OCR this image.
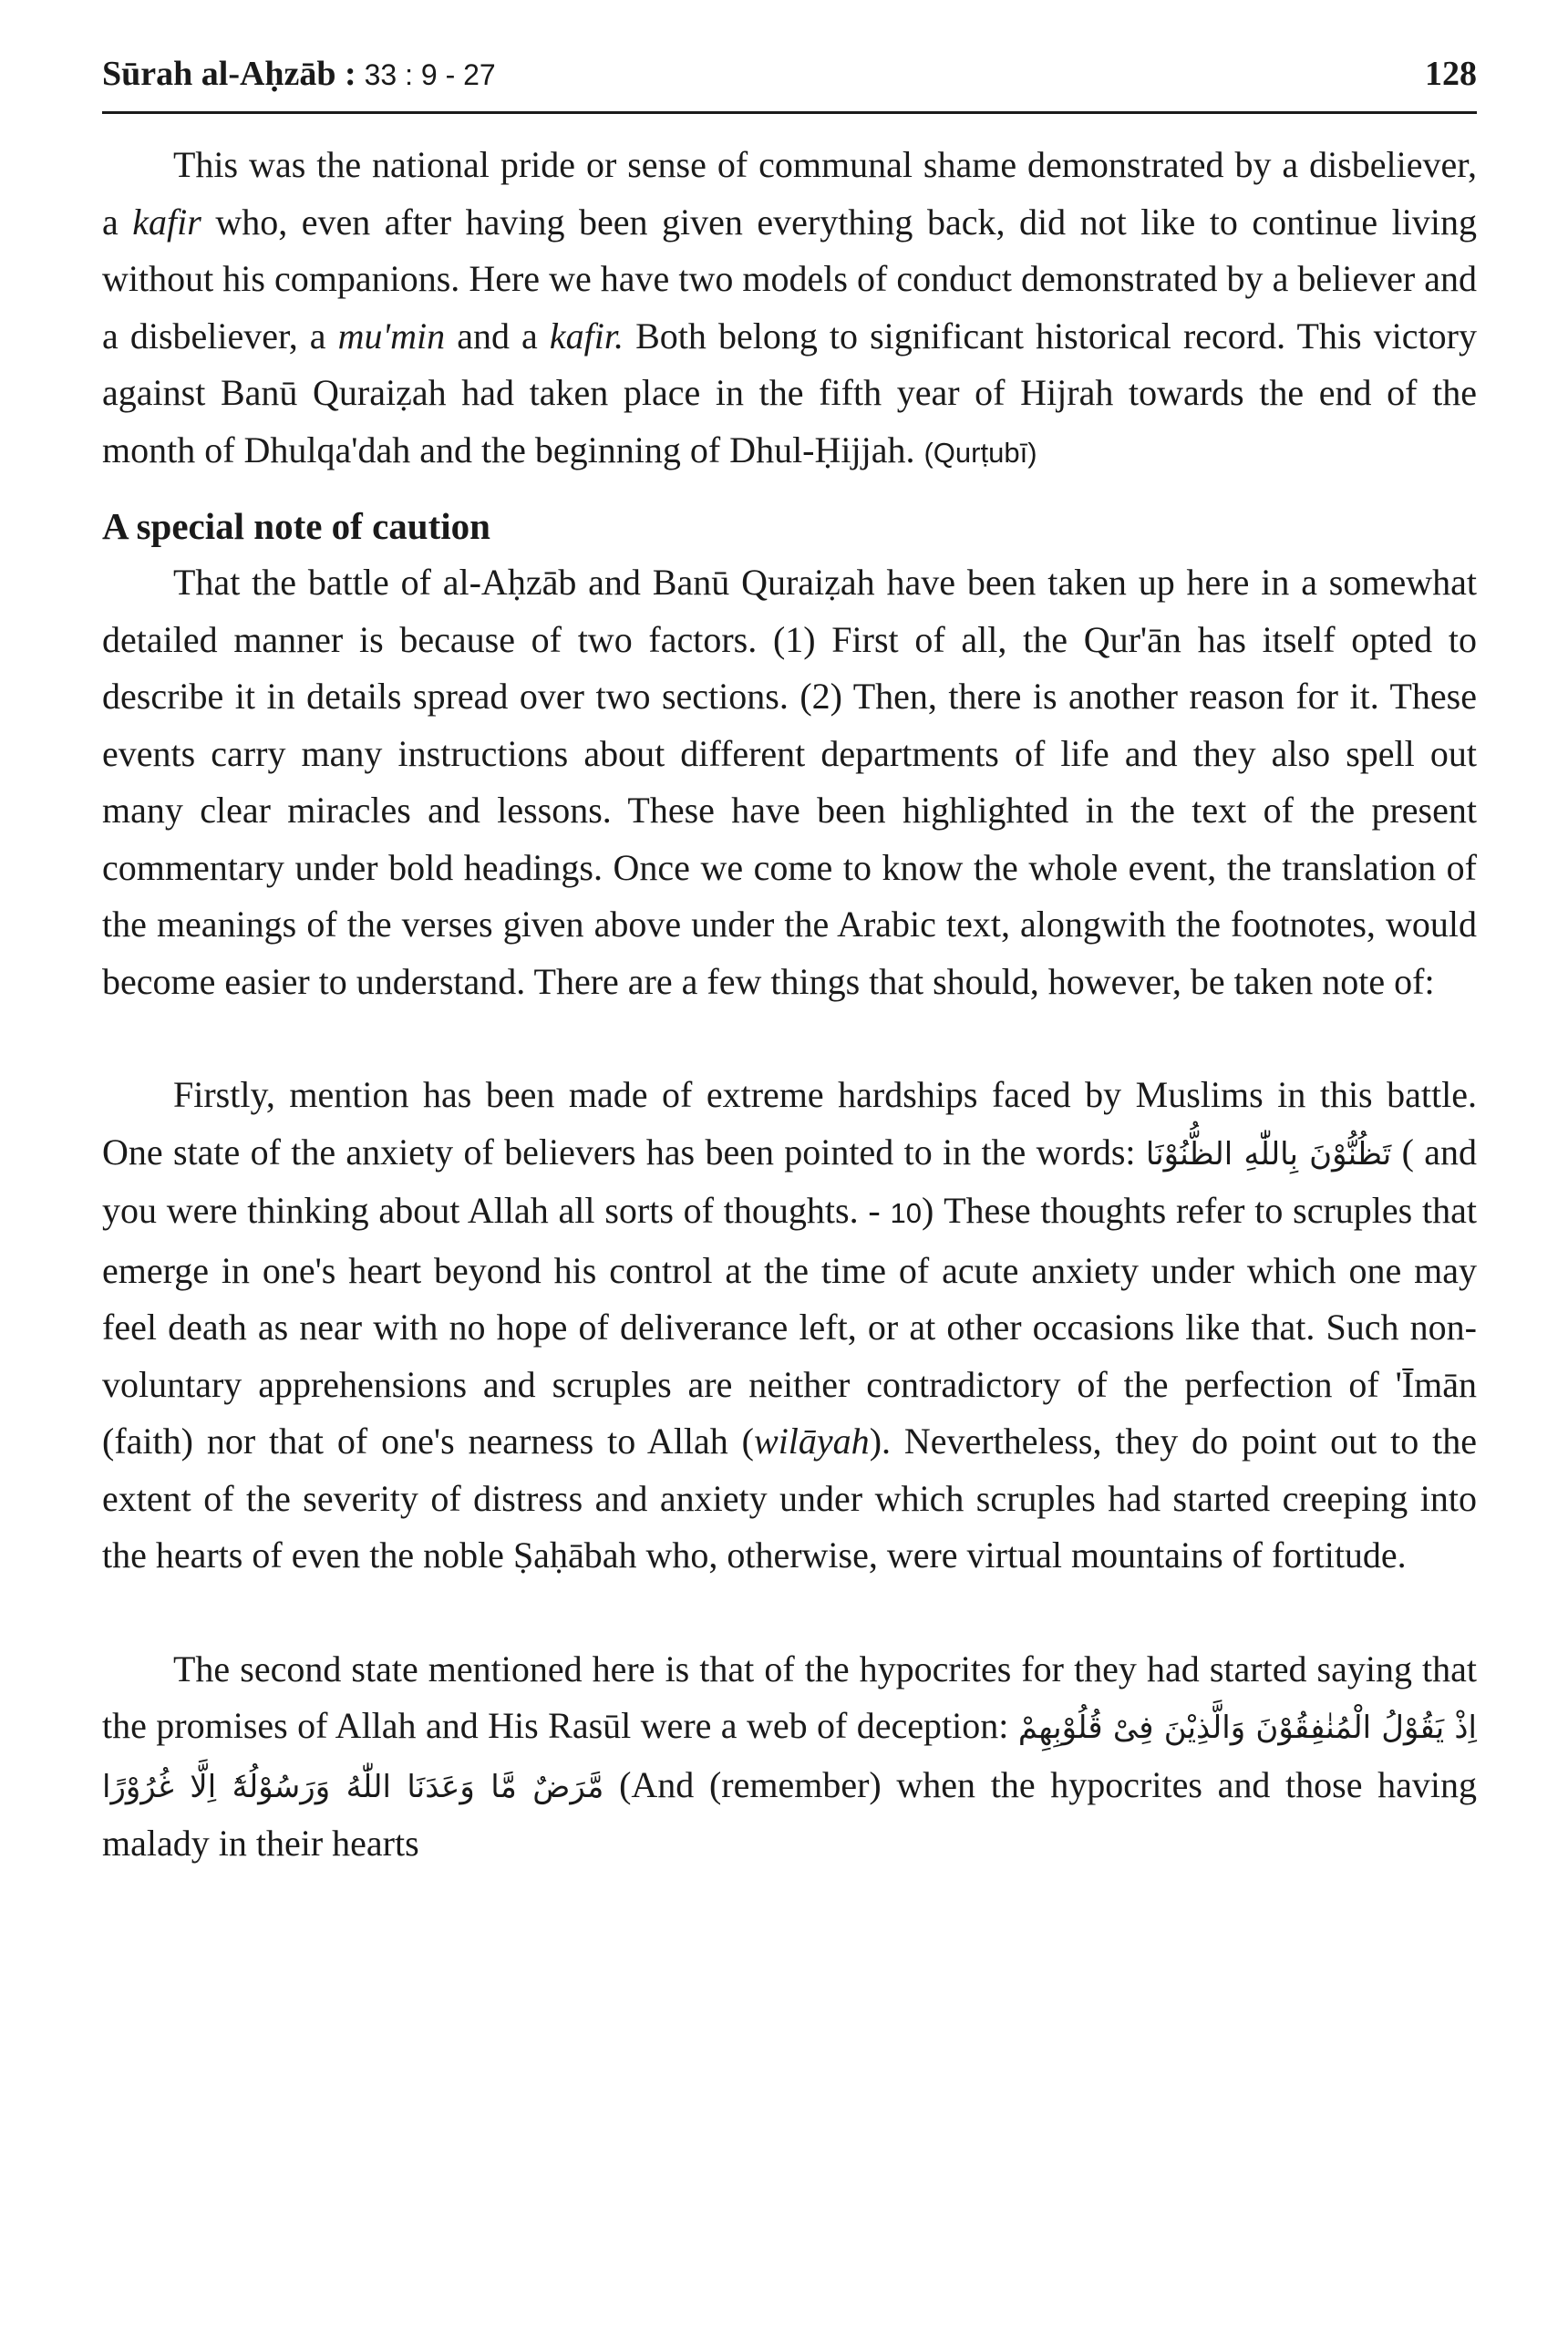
Sūrah al-Aḥzāb : 33 : 9 - 27	128

This was the national pride or sense of communal shame demonstrated by a disbeliever, a kafir who, even after having been given everything back, did not like to continue living without his companions. Here we have two models of conduct demonstrated by a believer and a disbeliever, a mu'min and a kafir. Both belong to significant historical record. This victory against Banū Quraiẓah had taken place in the fifth year of Hijrah towards the end of the month of Dhulqa'dah and the beginning of Dhul-Ḥijjah. (Qurṭubī)

A special note of caution

That the battle of al-Aḥzāb and Banū Quraiẓah have been taken up here in a somewhat detailed manner is because of two factors. (1) First of all, the Qur'ān has itself opted to describe it in details spread over two sections. (2) Then, there is another reason for it. These events carry many instructions about different departments of life and they also spell out many clear miracles and lessons. These have been highlighted in the text of the present commentary under bold headings. Once we come to know the whole event, the translation of the meanings of the verses given above under the Arabic text, alongwith the footnotes, would become easier to understand. There are a few things that should, however, be taken note of:

Firstly, mention has been made of extreme hardships faced by Muslims in this battle. One state of the anxiety of believers has been pointed to in the words: تَظُنُّوْنَ بِاللّٰهِ الظُّنُوْنَا ( and you were thinking about Allah all sorts of thoughts. - 10) These thoughts refer to scruples that emerge in one's heart beyond his control at the time of acute anxiety under which one may feel death as near with no hope of deliverance left, or at other occasions like that. Such non-voluntary apprehensions and scruples are neither contradictory of the perfection of 'Īmān (faith) nor that of one's nearness to Allah (wilāyah). Nevertheless, they do point out to the extent of the severity of distress and anxiety under which scruples had started creeping into the hearts of even the noble Ṣaḥābah who, otherwise, were virtual mountains of fortitude.

The second state mentioned here is that of the hypocrites for they had started saying that the promises of Allah and His Rasūl were a web of deception: اِذْ يَقُوْلُ الْمُنٰفِقُوْنَ وَالَّذِيْنَ فِىْ قُلُوْبِهِمْ مَّرَضٌ مَّا وَعَدَنَا اللّٰهُ وَرَسُوْلُهٗٓ اِلَّا غُرُوْرًا (And (remember) when the hypocrites and those having malady in their hearts
